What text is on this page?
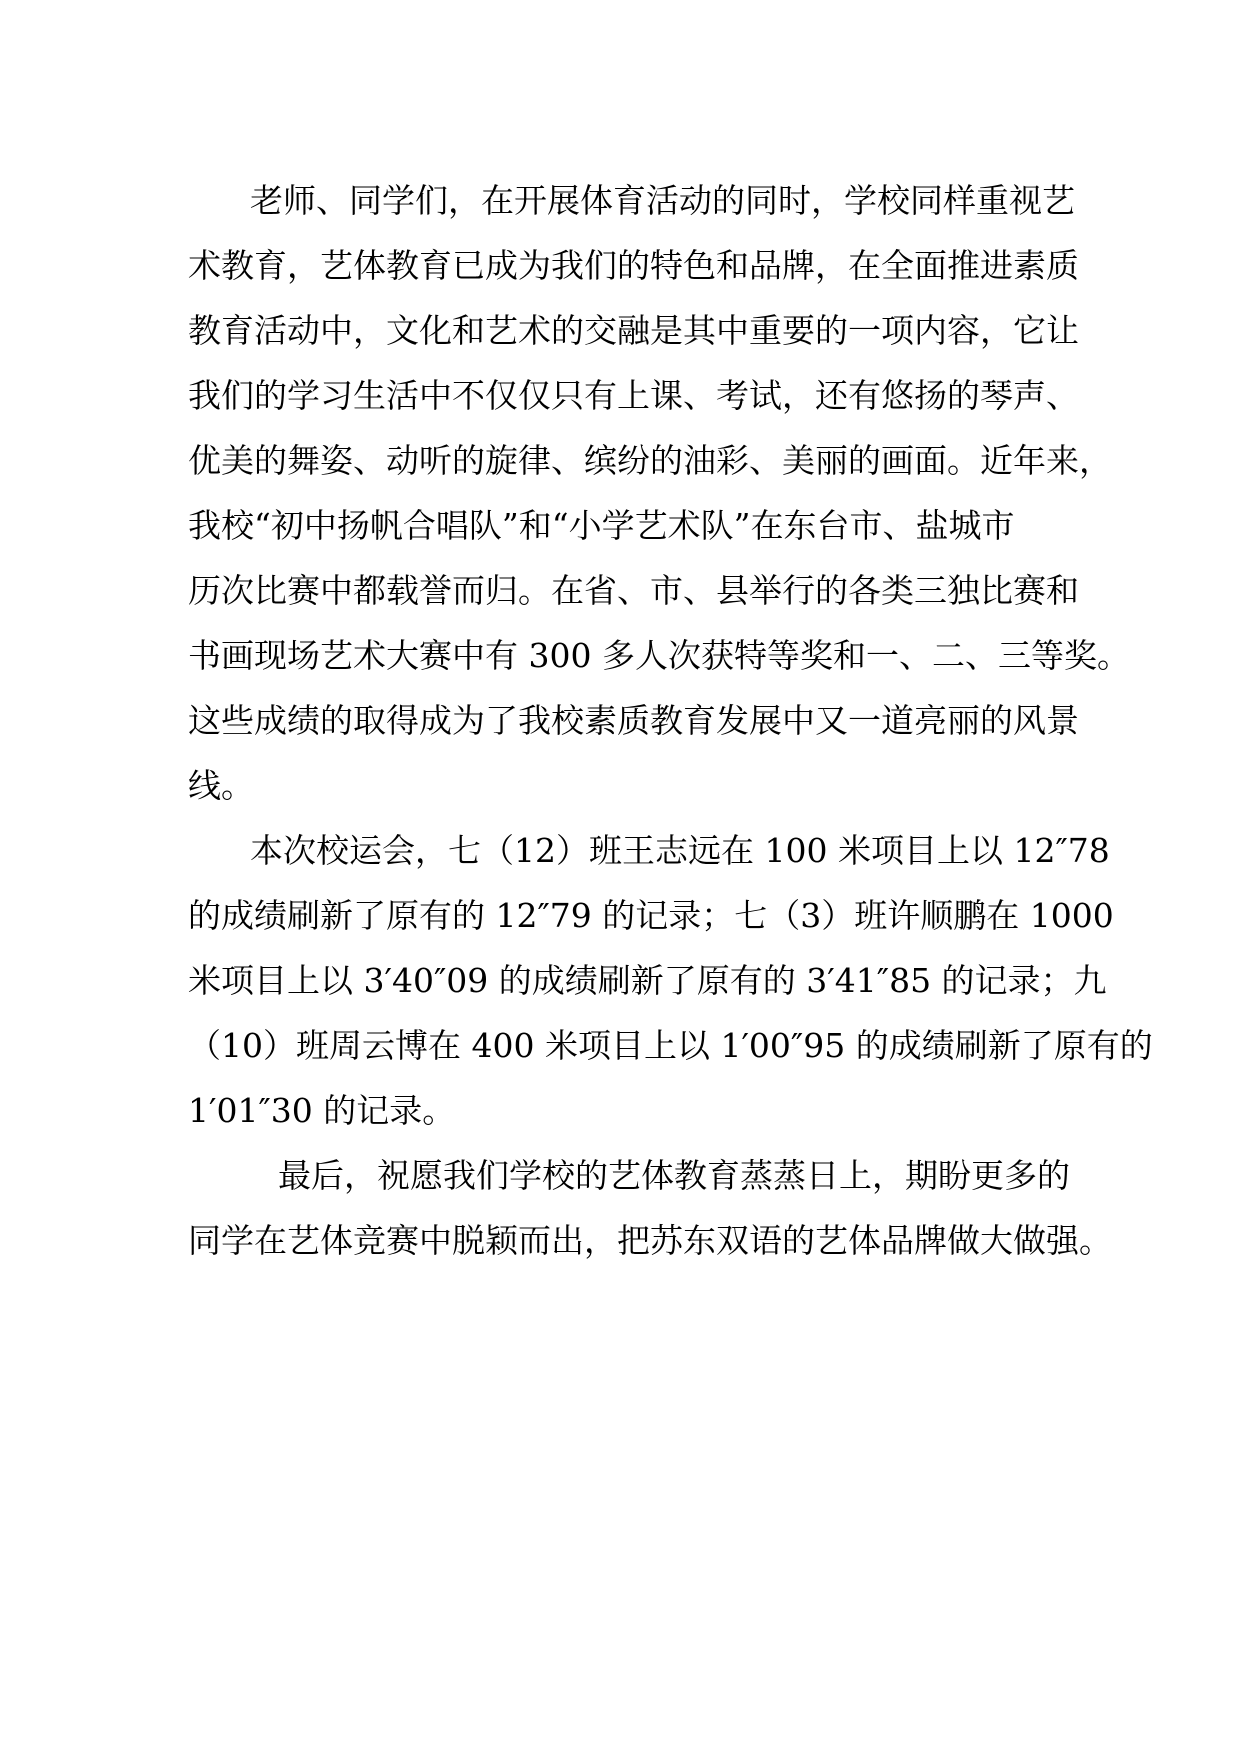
老师、同学们，在开展体育活动的同时，学校同样重视艺
术教育，艺体教育已成为我们的特色和品牌，在全面推进素质
教育活动中，文化和艺术的交融是其中重要的一项内容，它让
我们的学习生活中不仅仅只有上课、考试，还有悠扬的琴声、
优美的舞姿、动听的旋律、缤纷的油彩、美丽的画面。近年来，
我校“初中扬帆合唱队”和“小学艺术队”在东台市、盐城市
历次比赛中都载誉而归。在省、市、县举行的各类三独比赛和
书画现场艺术大赛中有 300 多人次获特等奖和一、二、三等奖。
这些成绩的取得成为了我校素质教育发展中又一道亮丽的风景
线。
本次校运会，七（12）班王志远在 100 米项目上以 12″78
的成绩刷新了原有的 12″79 的记录；七（3）班许顺鹏在 1000
米项目上以 3′40″09 的成绩刷新了原有的 3′41″85 的记录；九
（10）班周云博在 400 米项目上以 1′00″95 的成绩刷新了原有的
1′01″30 的记录。
最后，祝愿我们学校的艺体教育蒸蒸日上，期盼更多的
同学在艺体竞赛中脱颖而出，把苏东双语的艺体品牌做大做强。
